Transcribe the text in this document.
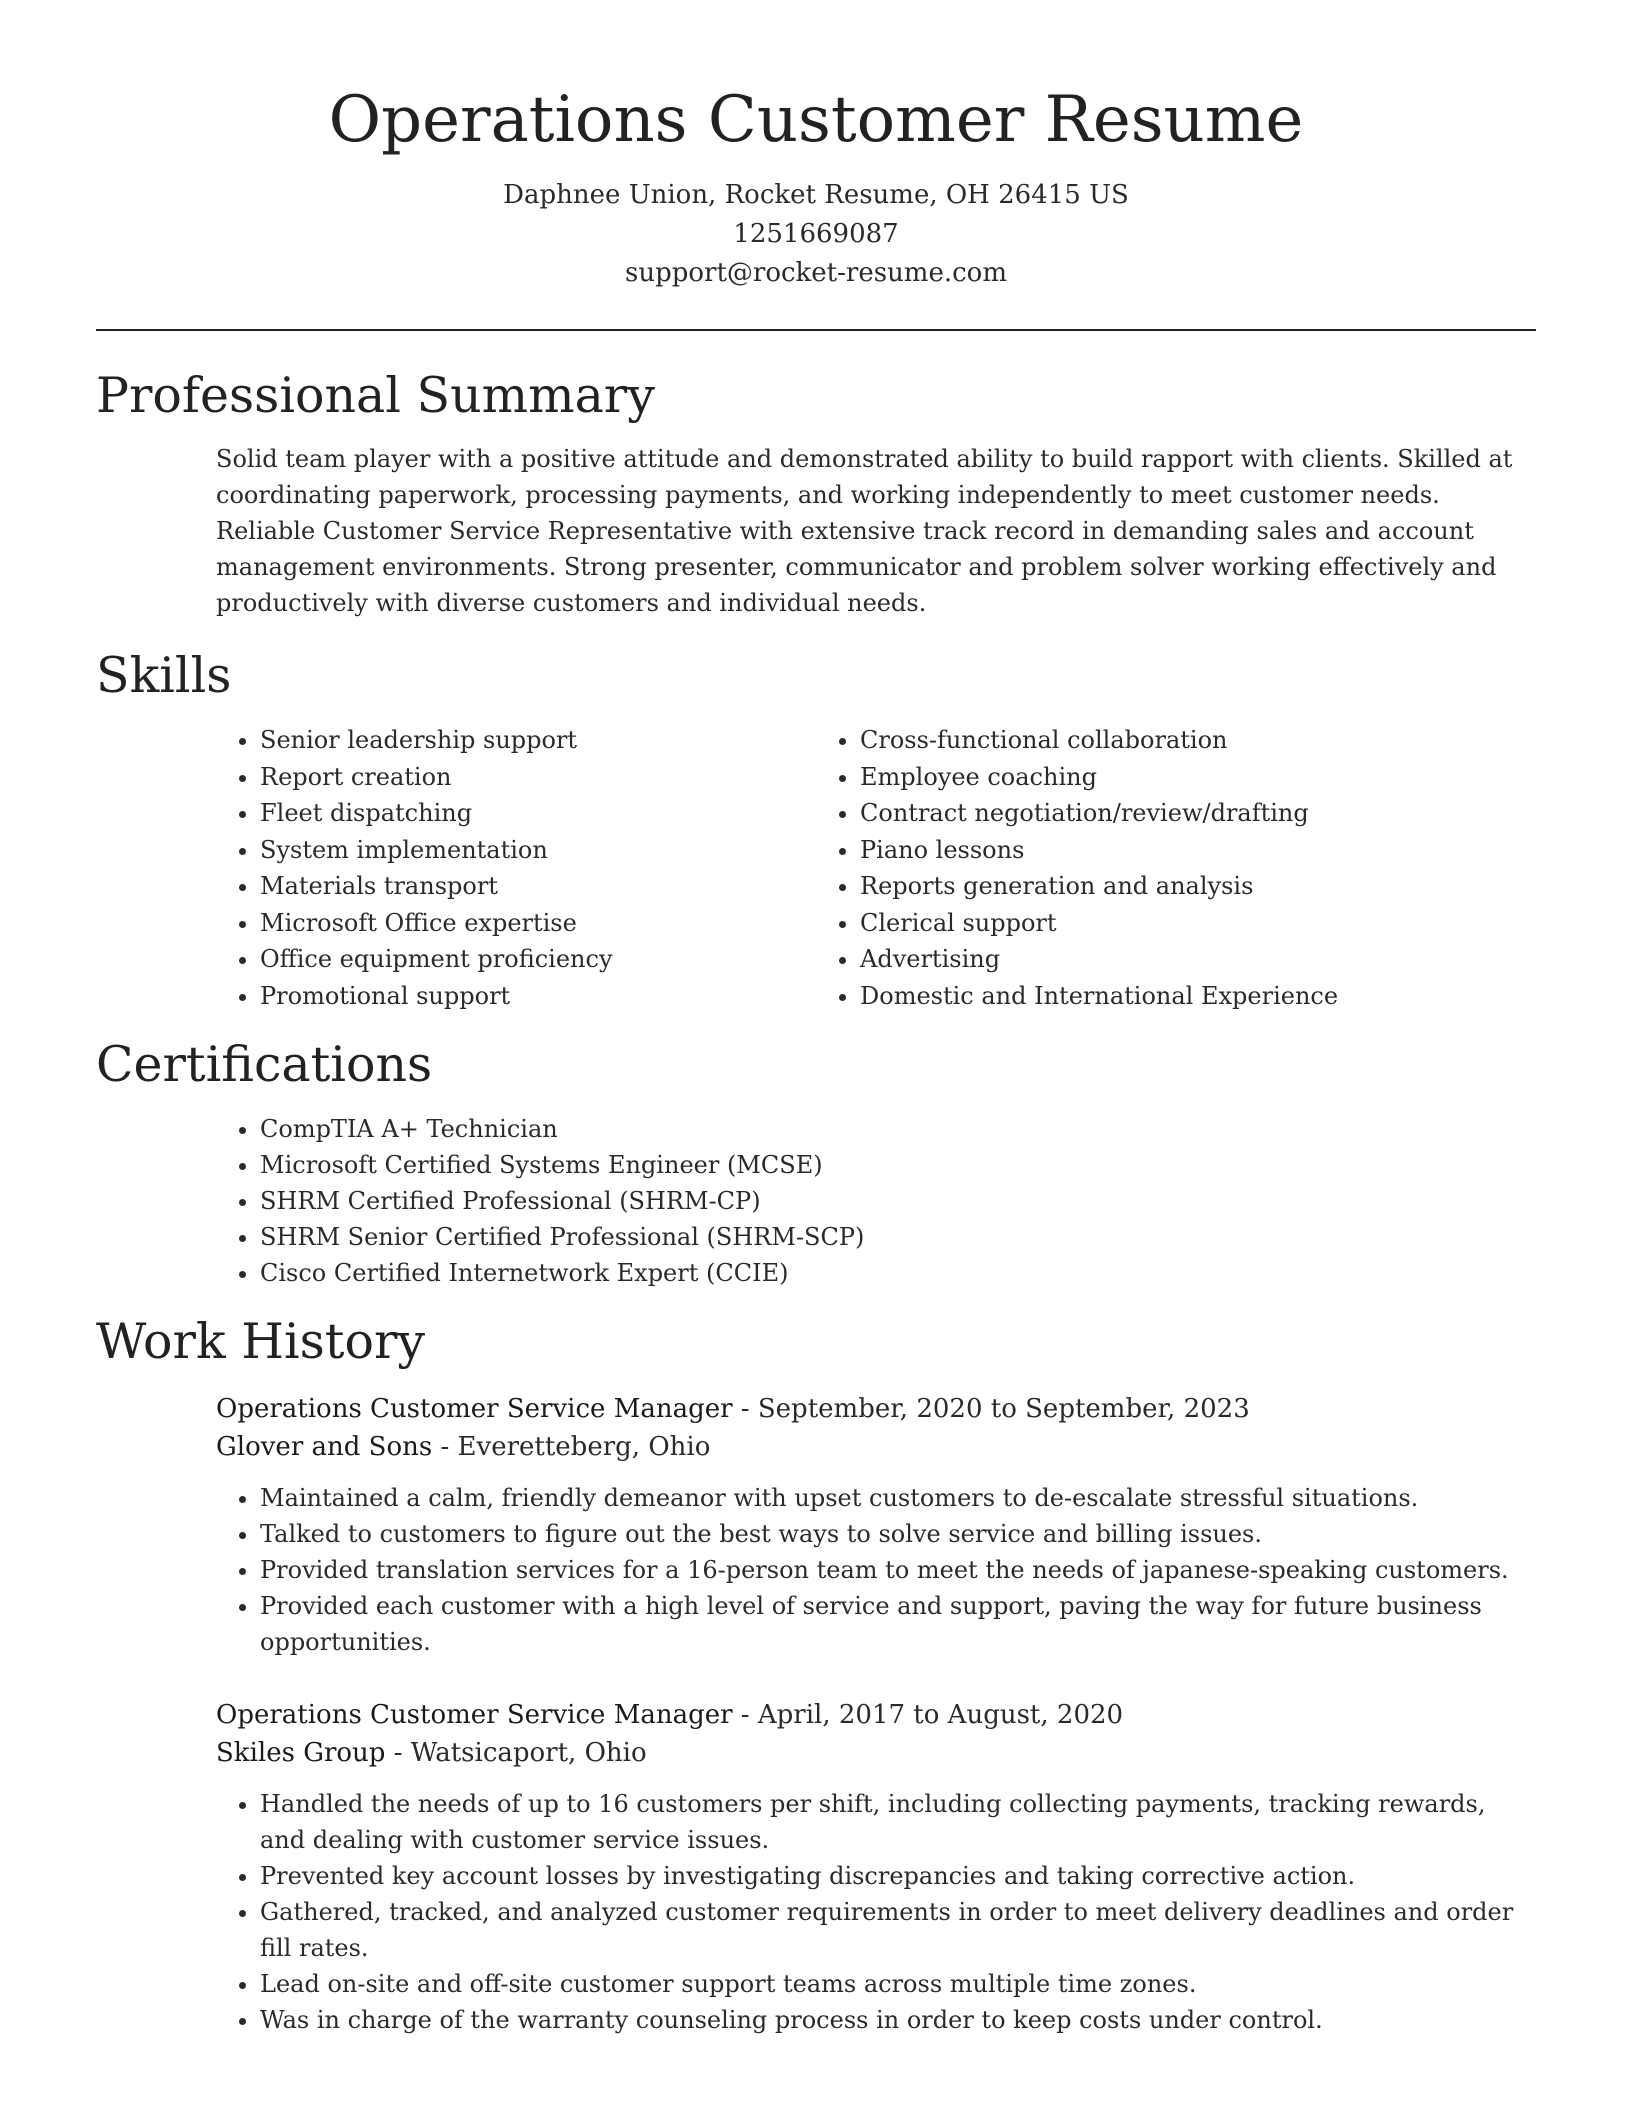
Operations Customer Resume
Daphnee Union, Rocket Resume, OH 26415 US
1251669087
support@rocket-resume.com
Professional Summary

Solid team player with a positive attitude and demonstrated ability to build rapport with clients. Skilled at coordinating paperwork, processing payments, and working independently to meet customer needs. Reliable Customer Service Representative with extensive track record in demanding sales and account management environments. Strong presenter, communicator and problem solver working effectively and productively with diverse customers and individual needs.

Skills
• Senior leadership support
• Report creation
• Fleet dispatching
• System implementation
• Materials transport
• Microsoft Office expertise
• Office equipment proficiency
• Promotional support
• Cross-functional collaboration
• Employee coaching
• Contract negotiation/review/drafting
• Piano lessons
• Reports generation and analysis
• Clerical support
• Advertising
• Domestic and International Experience
Certifications
• CompTIA A+ Technician
• Microsoft Certified Systems Engineer (MCSE)
• SHRM Certified Professional (SHRM-CP)
• SHRM Senior Certified Professional (SHRM-SCP)
• Cisco Certified Internetwork Expert (CCIE)
Work History
Operations Customer Service Manager - September, 2020 to September, 2023
Glover and Sons - Everetteberg, Ohio
• Maintained a calm, friendly demeanor with upset customers to de-escalate stressful situations.
• Talked to customers to figure out the best ways to solve service and billing issues.
• Provided translation services for a 16-person team to meet the needs of japanese-speaking customers.
• Provided each customer with a high level of service and support, paving the way for future business opportunities.
Operations Customer Service Manager - April, 2017 to August, 2020
Skiles Group - Watsicaport, Ohio
• Handled the needs of up to 16 customers per shift, including collecting payments, tracking rewards, and dealing with customer service issues.
• Prevented key account losses by investigating discrepancies and taking corrective action.
• Gathered, tracked, and analyzed customer requirements in order to meet delivery deadlines and order fill rates.
• Lead on-site and off-site customer support teams across multiple time zones.
• Was in charge of the warranty counseling process in order to keep costs under control.
